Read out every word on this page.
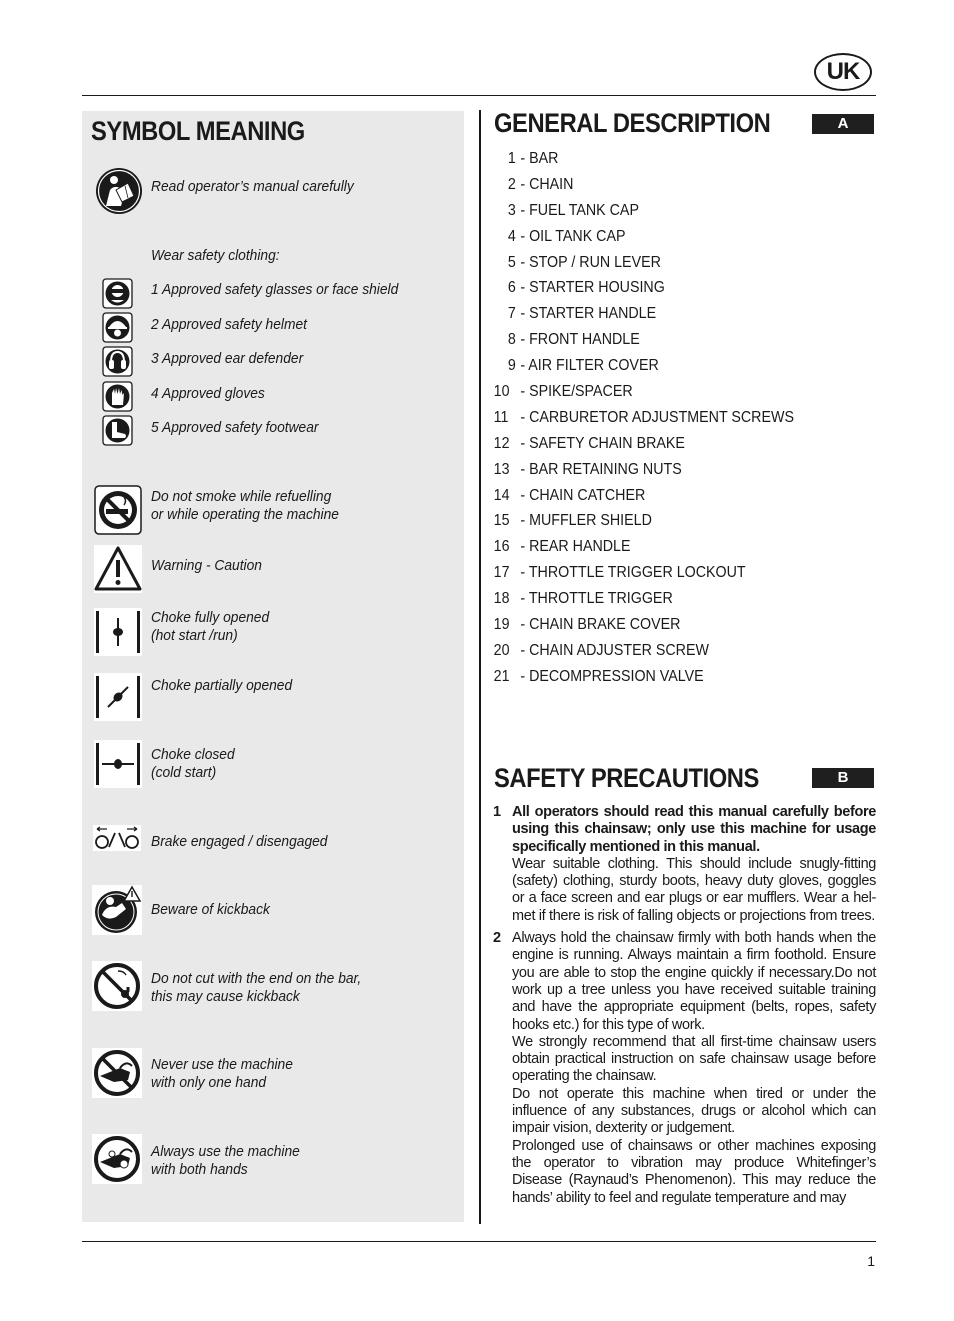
UK
SYMBOL MEANING
Read operator’s manual carefully
Wear safety clothing:
1 Approved safety glasses or face shield
2 Approved safety helmet
3 Approved ear defender
4 Approved gloves
5 Approved safety footwear
Do not smoke while refuelling
or while operating the machine
Warning - Caution
Choke fully opened
(hot start /run)
Choke partially opened
Choke closed
(cold start)
Brake engaged / disengaged
Beware of kickback
Do not cut with the end on the bar,
this may cause kickback
Never use the machine
with only one hand
Always use the machine
with both hands
GENERAL DESCRIPTION	A
1 - BAR
2 - CHAIN
3 - FUEL TANK CAP
4 - OIL TANK CAP
5 - STOP / RUN LEVER
6 - STARTER HOUSING
7 - STARTER HANDLE
8 - FRONT HANDLE
9 - AIR FILTER COVER
10 - SPIKE/SPACER
11 - CARBURETOR ADJUSTMENT SCREWS
12 - SAFETY CHAIN BRAKE
13 - BAR RETAINING NUTS
14 - CHAIN CATCHER
15 - MUFFLER SHIELD
16 - REAR HANDLE
17 - THROTTLE TRIGGER LOCKOUT
18 - THROTTLE TRIGGER
19 - CHAIN BRAKE COVER
20 - CHAIN ADJUSTER SCREW
21 - DECOMPRESSION VALVE
SAFETY PRECAUTIONS	B
1 All operators should read this manual carefully before using this chainsaw; only use this machine for usage specifically mentioned in this manual.
Wear suitable clothing. This should include snugly-fitting (safety) clothing, sturdy boots, heavy duty gloves, goggles or a face screen and ear plugs or ear mufflers. Wear a hel-met if there is risk of falling objects or projections from trees.
2 Always hold the chainsaw firmly with both hands when the engine is running. Always maintain a firm foothold. Ensure you are able to stop the engine quickly if necessary.Do not work up a tree unless you have received suitable training and have the appropriate equipment (belts, ropes, safety hooks etc.) for this type of work.
We strongly recommend that all first-time chainsaw users obtain practical instruction on safe chainsaw usage before operating the chainsaw.
Do not operate this machine when tired or under the influence of any substances, drugs or alcohol which can impair vision, dexterity or judgement.
Prolonged use of chainsaws or other machines exposing the operator to vibration may produce Whitefinger’s Disease (Raynaud’s Phenomenon). This may reduce the hands’ ability to feel and regulate temperature and may
1
